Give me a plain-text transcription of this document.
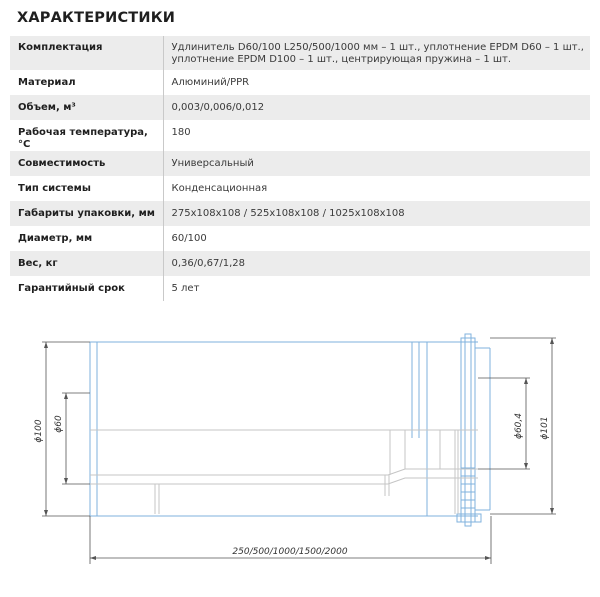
ХАРАКТЕРИСТИКИ
Комплектация	Удлинитель D60/100 L250/500/1000 мм – 1 шт., уплотнение EPDM D60 – 1 шт., уплотнение EPDM D100 – 1 шт., центрирующая пружина – 1 шт.
Материал	Алюминий/PPR
Объем, м³	0,003/0,006/0,012
Рабочая температура, °C	180
Совместимость	Универсальный
Тип системы	Конденсационная
Габариты упаковки, мм	275x108x108 / 525x108x108 / 1025x108x108
Диаметр, мм	60/100
Вес, кг	0,36/0,67/1,28
Гарантийный срок	5 лет
ϕ100 ϕ60	ϕ60,4 ϕ101
250/500/1000/1500/2000
